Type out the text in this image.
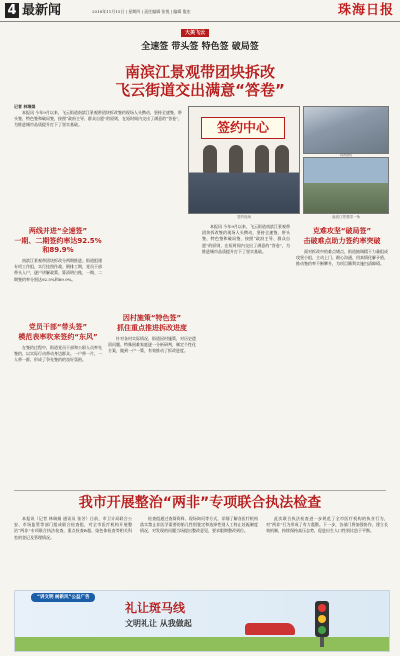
4 最新闻	2018年11月15日 | 星期四 | 责任编辑 张悦 | 编辑 俊宏	珠海日报
大美飞云
全速签 带头签 特色签 破局签
南滨江景观带团块拆改
飞云街道交出满意“答卷”
记者 林瑞娟

本报讯 今年9月以来，飞云街道南滨江景观带团块拆改签约现场人头攒动，坚持全速签、带头签、特色签和破局签，按照“政府主导、群众自愿”的原则，在短时间内交出了满意的“答卷”，为推进城市品质提升打下了坚实基础。	签约中心
签约现场
拆改现场
南滨江景观带一角
两线并进“全速签”
一期、二期签约率达92.5%和89.9%

南滨江景观带团块拆改分两期推进。街道组建专项工作组，实行挂图作战、倒排工期，党员干部带头入户，逐户讲解政策、算清明白账，一期、二期签约率分别达92.5%和89.9%。

党员干部“带头签”
模范表率吹来签约“东风”

在签约过程中，街道党员干部和公职人员率先签约，以实际行动带动身边群众。一户带一片，一人带一群，形成了争先签约的良好氛围。

因村施策“特色签”
抓住重点推进拆改进度

针对各村实际情况，街道因村施策，对历史遗留问题、特殊困难家庭逐一分析研判，制定个性化方案，做到一户一策，有效推动了拆改进度。

本报讯 今年9月以来，飞云街道南滨江景观带团块拆改签约现场人头攒动，坚持全速签、带头签、特色签和破局签，按照“政府主导、群众自愿”的原则，在短时间内交出了满意的“答卷”，为推进城市品质提升打下了坚实基础。

克难攻坚“破局签”
击破难点助力签约率突破

面对拆改中的难点堵点，街道抽调精干力量组成攻坚小组，主动上门、耐心沟通，用真情化解矛盾，推动签约率不断攀升，为项目顺利实施扫清障碍。

我市开展整治“两非”专项联合执法检查

本报讯（记者 林瑞娟 通讯员 张芳）日前，市卫计局联合公安、市场监管等部门组成联合检查组，对全市医疗机构开展整治“两非”专项联合执法检查，重点检查B超、染色体检查等相关科室的登记及管理情况。

检查组通过查阅资料、现场询问等方式，详细了解各医疗机构落实禁止非医学需要的胎儿性别鉴定和选择性别人工终止妊娠制度情况，对发现的问题当场提出整改意见，要求限期整改到位。

此次联合执法检查进一步规范了全市医疗机构的执业行为，对“两非”行为形成了有力震慑。下一步，各部门将加强协作，建立长效机制，持续保持高压态势，促进出生人口性别比趋于平衡。

“讲文明 树新风”公益广告
礼让斑马线
文明礼让 从我做起
